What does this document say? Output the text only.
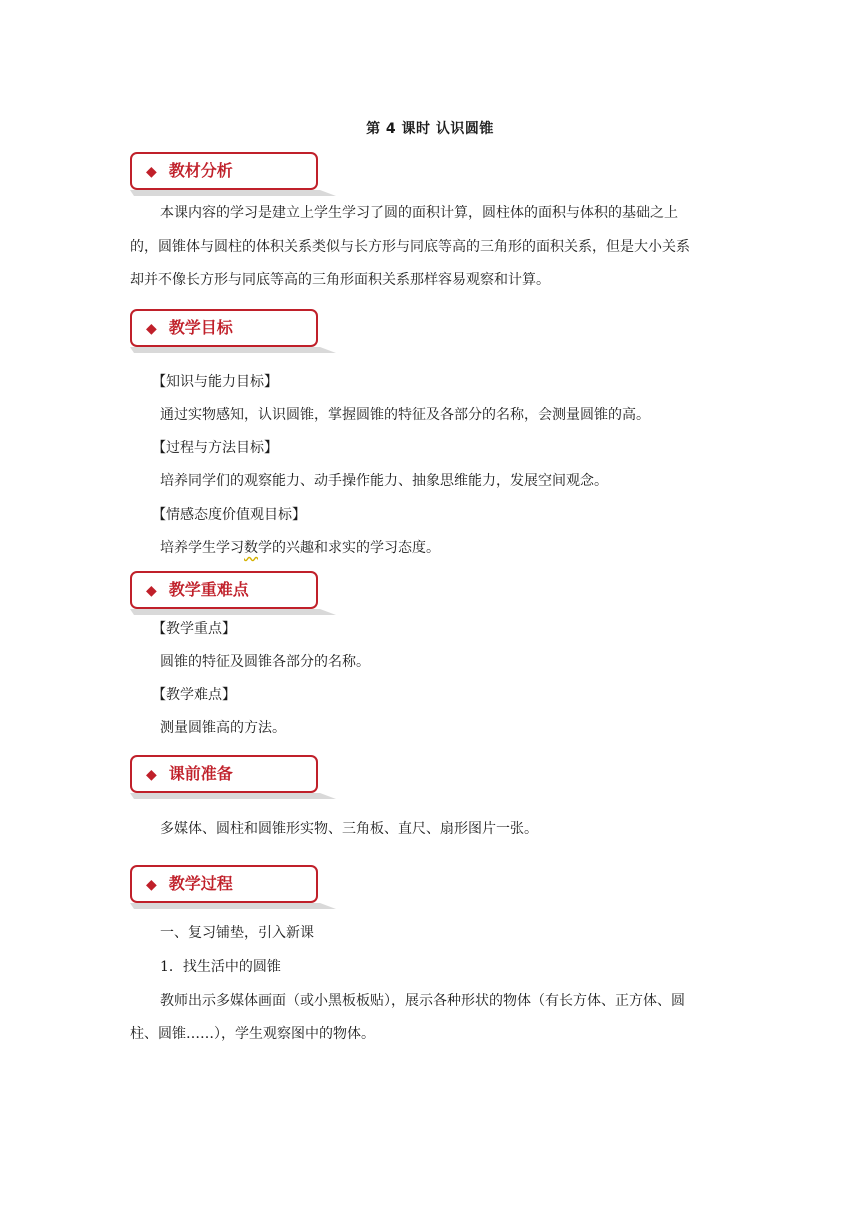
第 4 课时 认识圆锥
◆ 教材分析
本课内容的学习是建立上学生学习了圆的面积计算，圆柱体的面积与体积的基础之上
的，圆锥体与圆柱的体积关系类似与长方形与同底等高的三角形的面积关系，但是大小关系
却并不像长方形与同底等高的三角形面积关系那样容易观察和计算。
◆ 教学目标
【知识与能力目标】
通过实物感知，认识圆锥，掌握圆锥的特征及各部分的名称，会测量圆锥的高。
【过程与方法目标】
培养同学们的观察能力、动手操作能力、抽象思维能力，发展空间观念。
【情感态度价值观目标】
培养学生学习数学的兴趣和求实的学习态度。
◆ 教学重难点
【教学重点】
圆锥的特征及圆锥各部分的名称。
【教学难点】
测量圆锥高的方法。
◆ 课前准备
多媒体、圆柱和圆锥形实物、三角板、直尺、扇形图片一张。
◆ 教学过程
一、复习铺垫，引入新课
1．找生活中的圆锥
教师出示多媒体画面（或小黑板板贴），展示各种形状的物体（有长方体、正方体、圆
柱、圆锥……），学生观察图中的物体。
